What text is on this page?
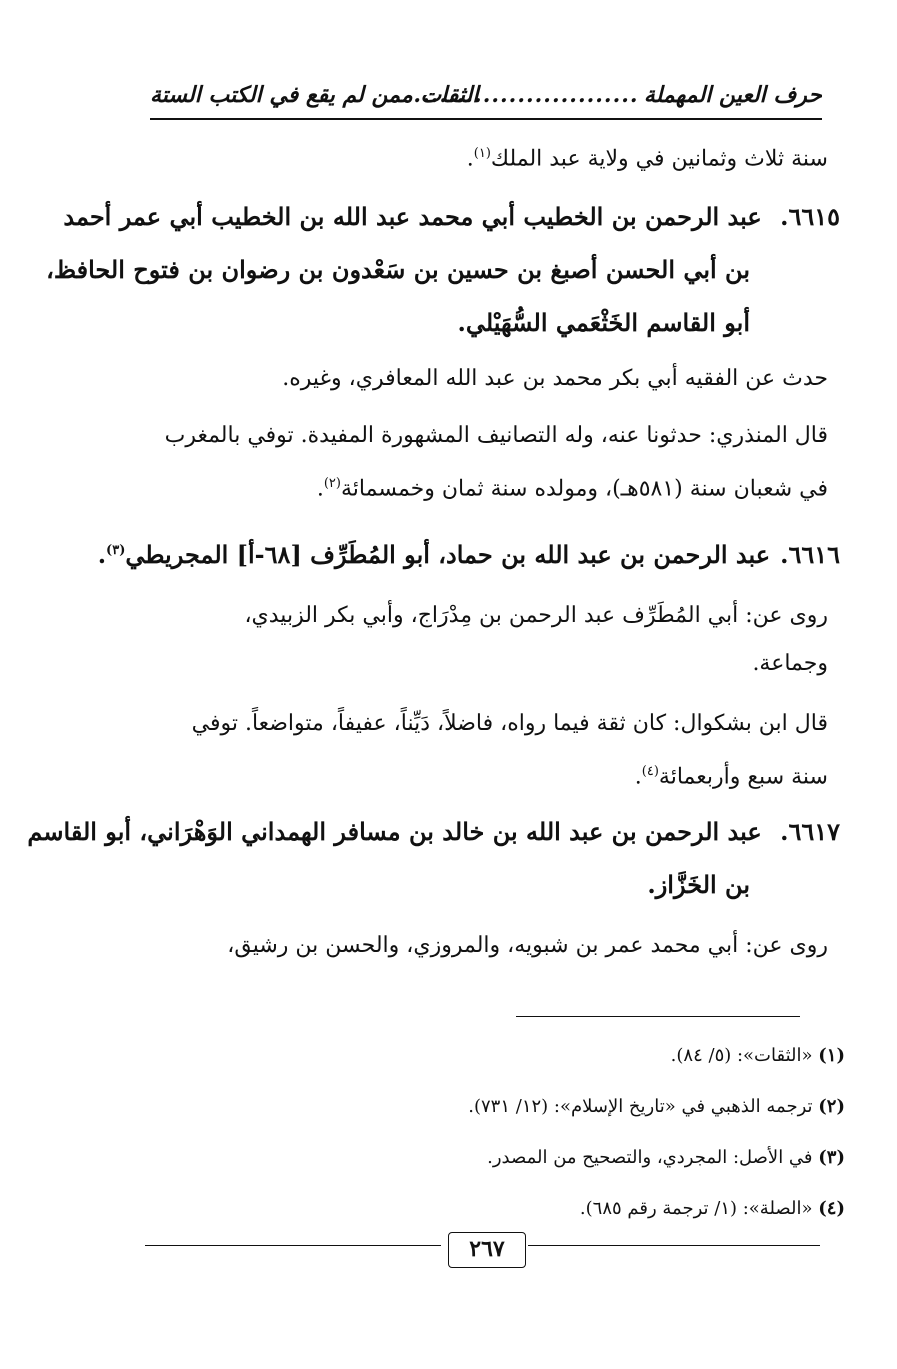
حرف العين المهملة
..........................
الثقات ممن لم يقع في الكتب الستة
سنة ثلاث وثمانين في ولاية عبد الملك$^{(١)}$.
٦٦١٥. عبد الرحمن بن الخطيب أبي محمد عبد الله بن الخطيب أبي عمر أحمد
بن أبي الحسن أصبغ بن حسين بن سَعْدون بن رضوان بن فتوح الحافظ،
أبو القاسم الخَثْعَمي السُّهَيْلي.
حدث عن الفقيه أبي بكر محمد بن عبد الله المعافري، وغيره.
قال المنذري: حدثونا عنه، وله التصانيف المشهورة المفيدة. توفي بالمغرب
في شعبان سنة (٥٨١هـ)، ومولده سنة ثمان وخمسمائة$^{(٢)}$.
٦٦١٦.عبد الرحمن بن عبد الله بن حماد، أبو المُطَرِّف [٦٨-أ] المجريطي$^{(٣)}$.
روى عن: أبي المُطَرِّف عبد الرحمن بن مِدْرَاج، وأبي بكر الزبيدي،
وجماعة.
قال ابن بشكوال: كان ثقة فيما رواه، فاضلاً، دَيِّناً، عفيفاً، متواضعاً. توفي
سنة سبع وأربعمائة$^{(٤)}$.
٦٦١٧. عبد الرحمن بن عبد الله بن خالد بن مسافر الهمداني الوَهْرَاني، أبو القاسم
بن الخَزَّاز.
روى عن: أبي محمد عمر بن شبويه، والمروزي، والحسن بن رشيق،
(١) «الثقات»: (٥/ ٨٤).
(٢) ترجمه الذهبي في «تاريخ الإسلام»: (١٢/ ٧٣١).
(٣) في الأصل: المجردي، والتصحيح من المصدر.
(٤) «الصلة»: (١/ ترجمة رقم ٦٨٥).
٢٦٧
